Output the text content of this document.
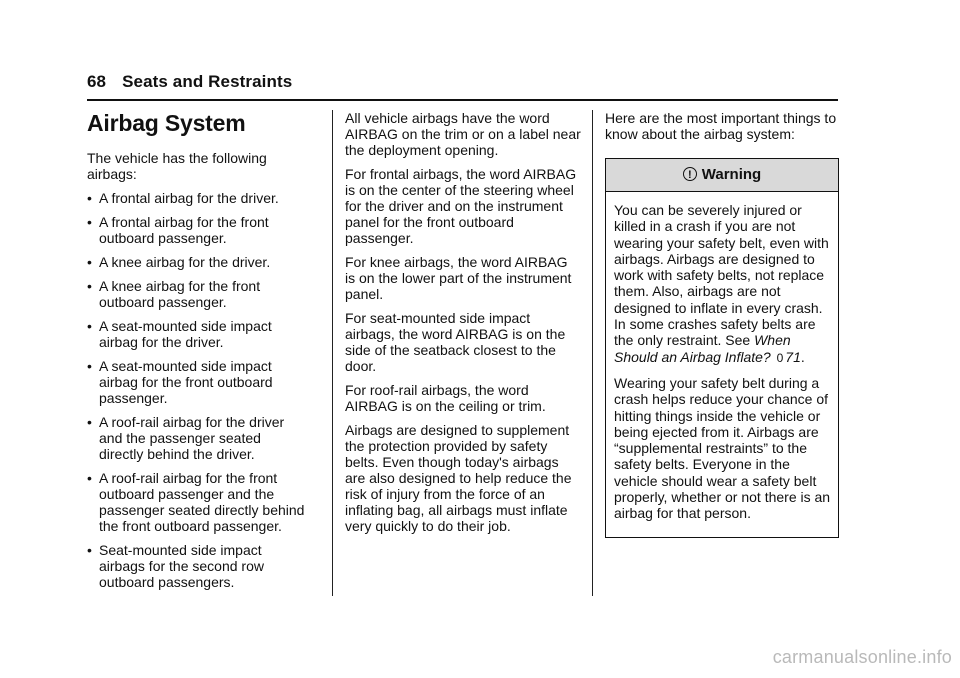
68 Seats and Restraints
Airbag System

The vehicle has the following airbags:

• A frontal airbag for the driver.
• A frontal airbag for the front outboard passenger.
• A knee airbag for the driver.
• A knee airbag for the front outboard passenger.
• A seat-mounted side impact airbag for the driver.
• A seat-mounted side impact airbag for the front outboard passenger.
• A roof-rail airbag for the driver and the passenger seated directly behind the driver.
• A roof-rail airbag for the front outboard passenger and the passenger seated directly behind the front outboard passenger.
• Seat-mounted side impact airbags for the second row outboard passengers.

All vehicle airbags have the word AIRBAG on the trim or on a label near the deployment opening.

For frontal airbags, the word AIRBAG is on the center of the steering wheel for the driver and on the instrument panel for the front outboard passenger.

For knee airbags, the word AIRBAG is on the lower part of the instrument panel.

For seat-mounted side impact airbags, the word AIRBAG is on the side of the seatback closest to the door.

For roof-rail airbags, the word AIRBAG is on the ceiling or trim.

Airbags are designed to supplement the protection provided by safety belts. Even though today's airbags are also designed to help reduce the risk of injury from the force of an inflating bag, all airbags must inflate very quickly to do their job.

Here are the most important things to know about the airbag system:

! Warning

You can be severely injured or killed in a crash if you are not wearing your safety belt, even with airbags. Airbags are designed to work with safety belts, not replace them. Also, airbags are not designed to inflate in every crash. In some crashes safety belts are the only restraint. See When Should an Airbag Inflate? 0 71.

Wearing your safety belt during a crash helps reduce your chance of hitting things inside the vehicle or being ejected from it. Airbags are “supplemental restraints” to the safety belts. Everyone in the vehicle should wear a safety belt properly, whether or not there is an airbag for that person.

carmanualsonline.info
